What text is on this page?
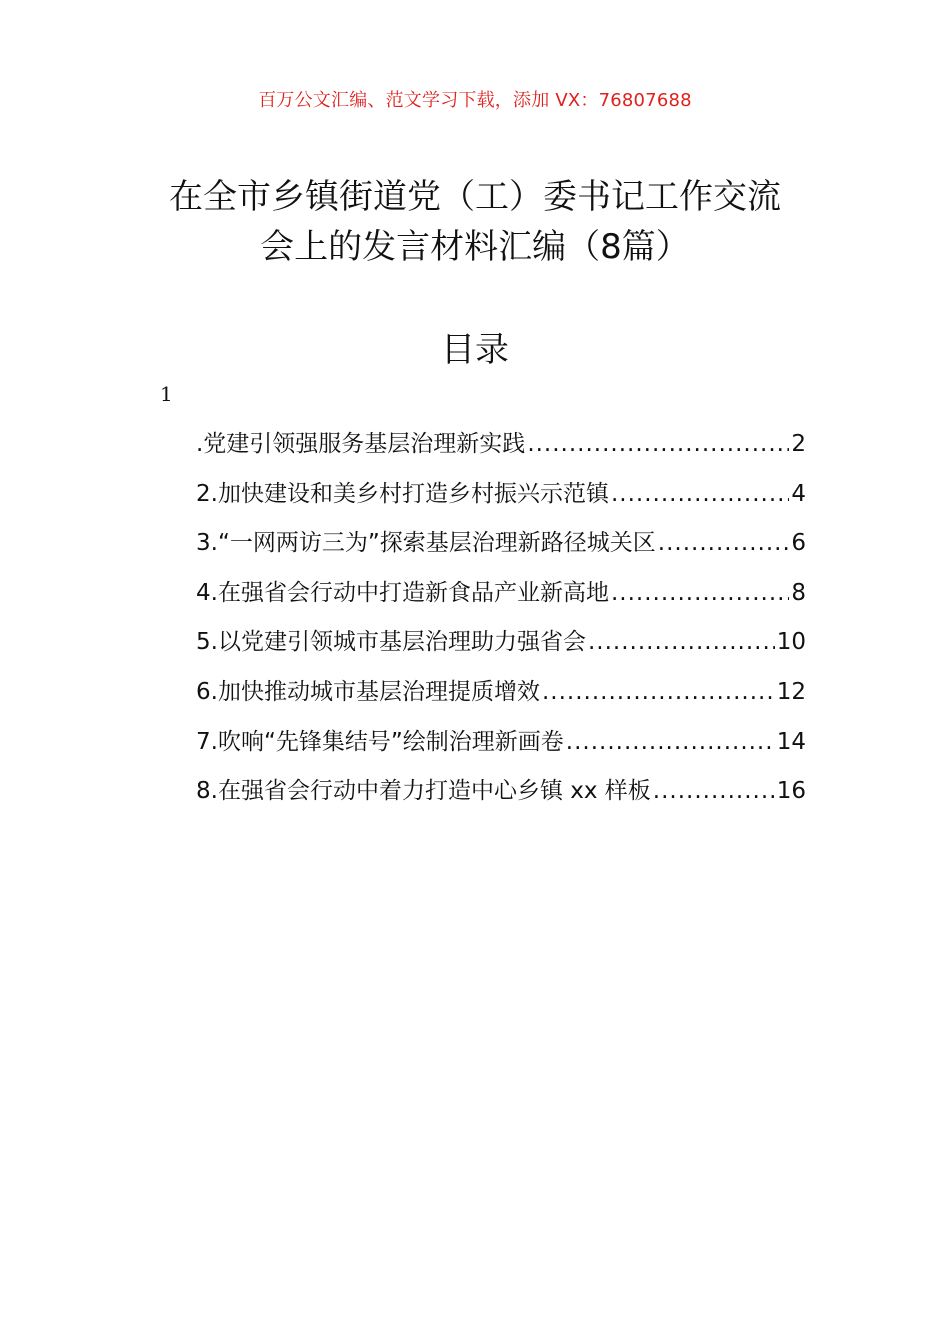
百万公文汇编、范文学习下载，添加 VX：76807688
在全市乡镇街道党（工）委书记工作交流
会上的发言材料汇编（8篇）
目录
1
.党建引领强服务基层治理新实践 .....	2
2.加快建设和美乡村打造乡村振兴示范镇 .....	4
3.“一网两访三为”探索基层治理新路径城关区 .....	6
4.在强省会行动中打造新食品产业新高地 .....	8
5.以党建引领城市基层治理助力强省会 .....	10
6.加快推动城市基层治理提质增效 .....	12
7.吹响“先锋集结号”绘制治理新画卷 .....	14
8.在强省会行动中着力打造中心乡镇 xx 样板 .....	16
